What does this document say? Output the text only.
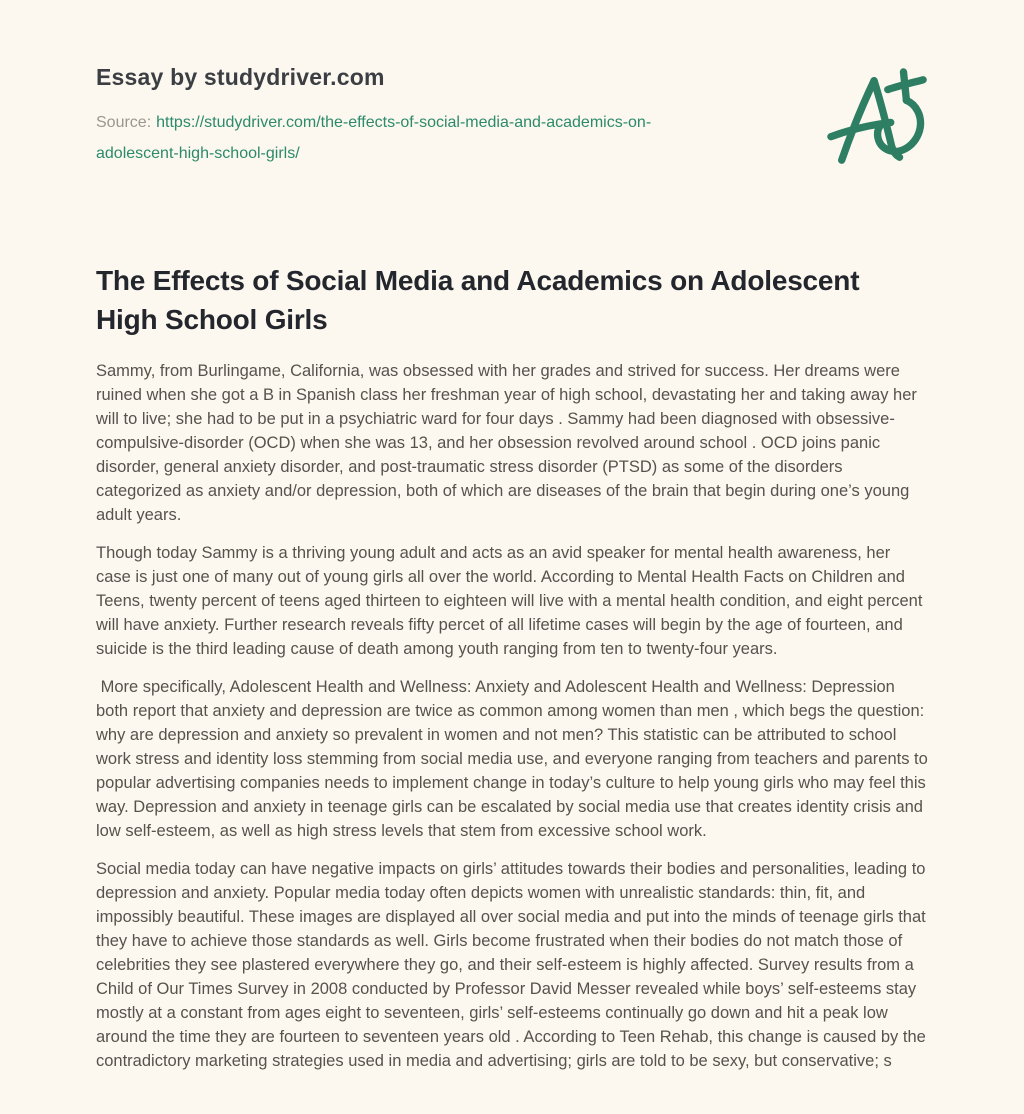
Essay by studydriver.com

Source: https://studydriver.com/the-effects-of-social-media-and-academics-on-adolescent-high-school-girls/

The Effects of Social Media and Academics on Adolescent High School Girls

Sammy, from Burlingame, California, was obsessed with her grades and strived for success. Her dreams were ruined when she got a B in Spanish class her freshman year of high school, devastating her and taking away her will to live; she had to be put in a psychiatric ward for four days . Sammy had been diagnosed with obsessive-compulsive-disorder (OCD) when she was 13, and her obsession revolved around school . OCD joins panic disorder, general anxiety disorder, and post-traumatic stress disorder (PTSD) as some of the disorders categorized as anxiety and/or depression, both of which are diseases of the brain that begin during one’s young adult years.

Though today Sammy is a thriving young adult and acts as an avid speaker for mental health awareness, her case is just one of many out of young girls all over the world. According to Mental Health Facts on Children and Teens, twenty percent of teens aged thirteen to eighteen will live with a mental health condition, and eight percent will have anxiety. Further research reveals fifty percet of all lifetime cases will begin by the age of fourteen, and suicide is the third leading cause of death among youth ranging from ten to twenty-four years.

More specifically, Adolescent Health and Wellness: Anxiety and Adolescent Health and Wellness: Depression both report that anxiety and depression are twice as common among women than men , which begs the question: why are depression and anxiety so prevalent in women and not men? This statistic can be attributed to school work stress and identity loss stemming from social media use, and everyone ranging from teachers and parents to popular advertising companies needs to implement change in today’s culture to help young girls who may feel this way. Depression and anxiety in teenage girls can be escalated by social media use that creates identity crisis and low self-esteem, as well as high stress levels that stem from excessive school work.

Social media today can have negative impacts on girls’ attitudes towards their bodies and personalities, leading to depression and anxiety. Popular media today often depicts women with unrealistic standards: thin, fit, and impossibly beautiful. These images are displayed all over social media and put into the minds of teenage girls that they have to achieve those standards as well. Girls become frustrated when their bodies do not match those of celebrities they see plastered everywhere they go, and their self-esteem is highly affected. Survey results from a Child of Our Times Survey in 2008 conducted by Professor David Messer revealed while boys’ self-esteems stay mostly at a constant from ages eight to seventeen, girls’ self-esteems continually go down and hit a peak low around the time they are fourteen to seventeen years old . According to Teen Rehab, this change is caused by the contradictory marketing strategies used in media and advertising; girls are told to be sexy, but conservative; s
